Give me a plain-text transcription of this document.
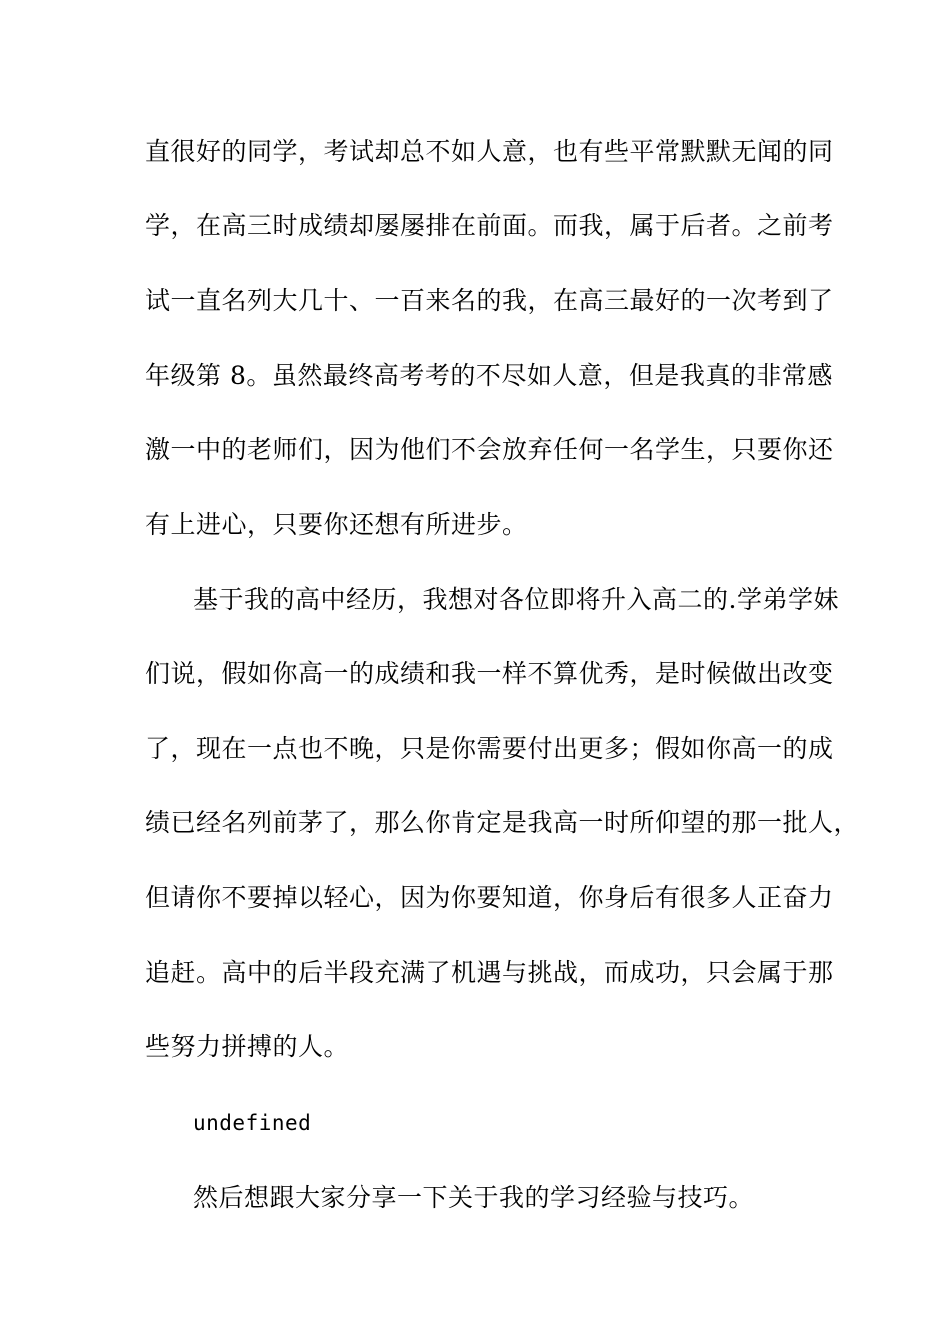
直很好的同学，考试却总不如人意，也有些平常默默无闻的同
学，在高三时成绩却屡屡排在前面。而我，属于后者。之前考
试一直名列大几十、一百来名的我，在高三最好的一次考到了
年级第 8。虽然最终高考考的不尽如人意，但是我真的非常感
激一中的老师们，因为他们不会放弃任何一名学生，只要你还
有上进心，只要你还想有所进步。
基于我的高中经历，我想对各位即将升入高二的.学弟学妹
们说，假如你高一的成绩和我一样不算优秀，是时候做出改变
了，现在一点也不晚，只是你需要付出更多；假如你高一的成
绩已经名列前茅了，那么你肯定是我高一时所仰望的那一批人，
但请你不要掉以轻心，因为你要知道，你身后有很多人正奋力
追赶。高中的后半段充满了机遇与挑战，而成功，只会属于那
些努力拼搏的人。
undefined
然后想跟大家分享一下关于我的学习经验与技巧。
